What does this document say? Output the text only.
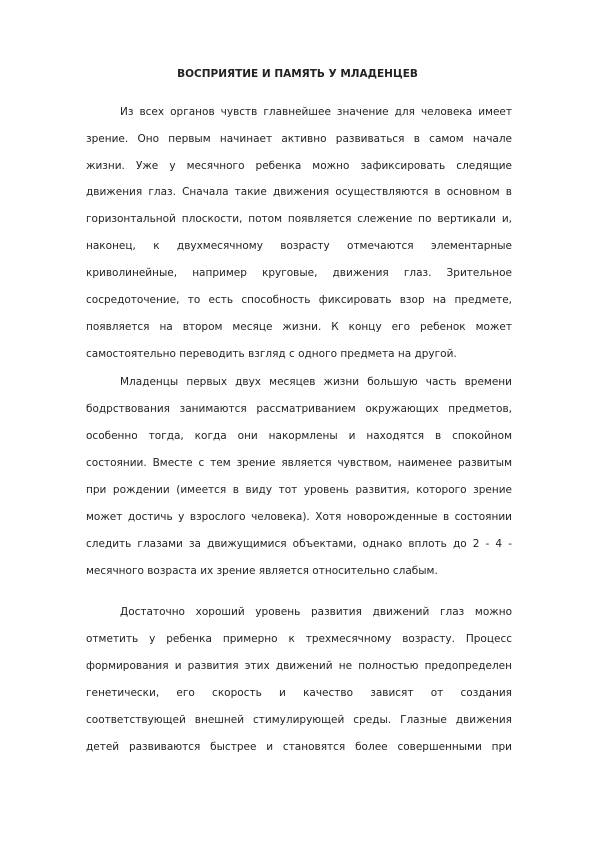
ВОСПРИЯТИЕ И ПАМЯТЬ У МЛАДЕНЦЕВ
Из всех органов чувств главнейшее значение для человека имеет
зрение. Оно первым начинает активно развиваться в самом начале
жизни. Уже у месячного ребенка можно зафиксировать следящие
движения глаз. Сначала такие движения осуществляются в основном в
горизонтальной плоскости, потом появляется слежение по вертикали и,
наконец, к двухмесячному возрасту отмечаются элементарные
криволинейные, например круговые, движения глаз. Зрительное
сосредоточение, то есть способность фиксировать взор на предмете,
появляется на втором месяце жизни. К концу его ребенок может
самостоятельно переводить взгляд с одного предмета на другой.
Младенцы первых двух месяцев жизни большую часть времени
бодрствования занимаются рассматриванием окружающих предметов,
особенно тогда, когда они накормлены и находятся в спокойном
состоянии. Вместе с тем зрение является чувством, наименее развитым
при рождении (имеется в виду тот уровень развития, которого зрение
может достичь у взрослого человека). Хотя новорожденные в состоянии
следить глазами за движущимися объектами, однако вплоть до 2 - 4 -
месячного возраста их зрение является относительно слабым.
Достаточно хороший уровень развития движений глаз можно
отметить у ребенка примерно к трехмесячному возрасту. Процесс
формирования и развития этих движений не полностью предопределен
генетически, его скорость и качество зависят от создания
соответствующей внешней стимулирующей среды. Глазные движения
детей развиваются быстрее и становятся более совершенными при
